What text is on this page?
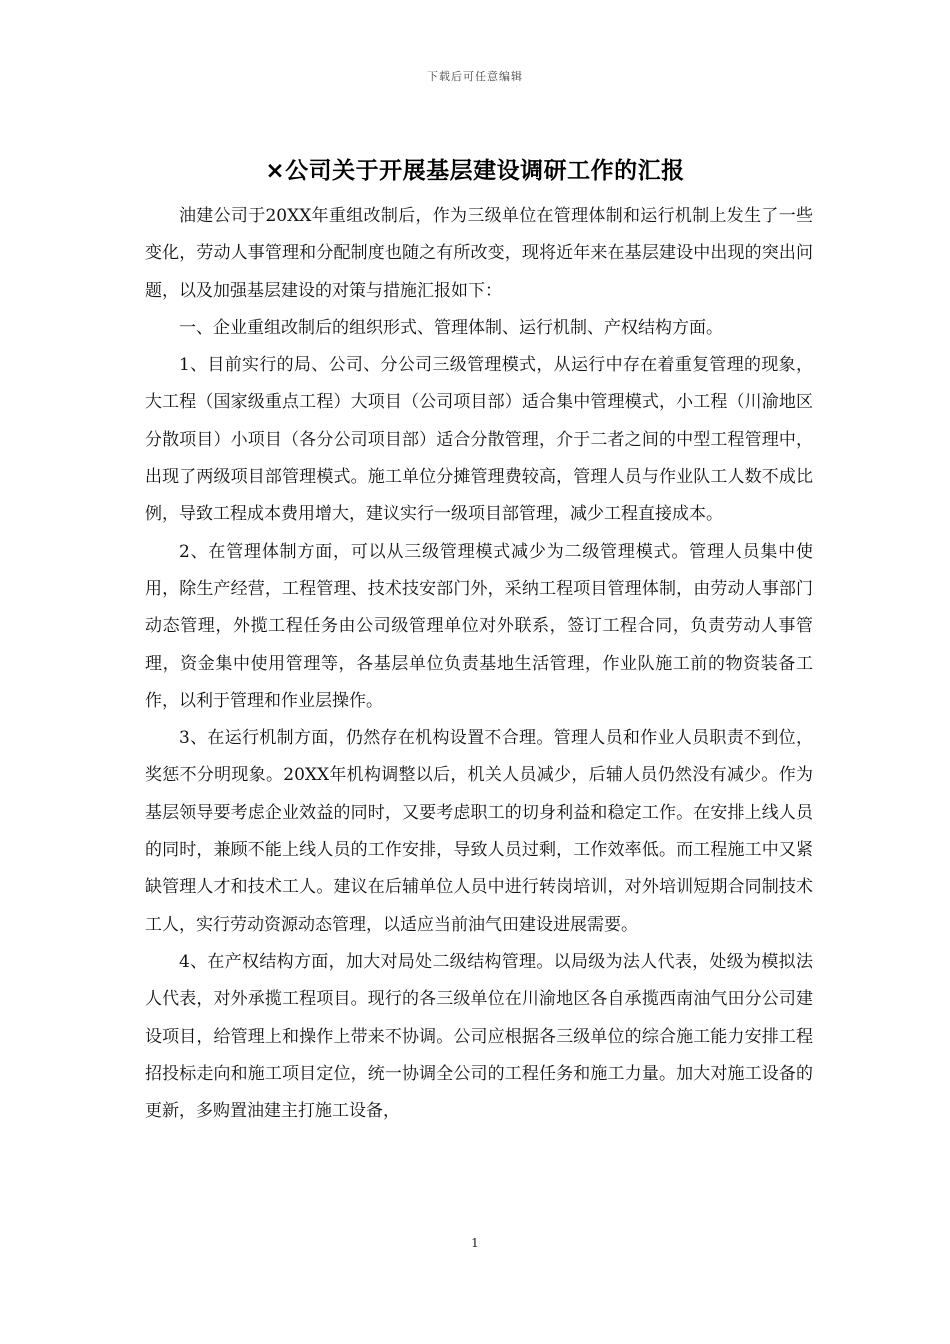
下载后可任意编辑
×公司关于开展基层建设调研工作的汇报

油建公司于20XX年重组改制后，作为三级单位在管理体制和运行机制上发生了一些变化，劳动人事管理和分配制度也随之有所改变，现将近年来在基层建设中出现的突出问题，以及加强基层建设的对策与措施汇报如下：

一、企业重组改制后的组织形式、管理体制、运行机制、产权结构方面。

1、目前实行的局、公司、分公司三级管理模式，从运行中存在着重复管理的现象，大工程（国家级重点工程）大项目（公司项目部）适合集中管理模式，小工程（川渝地区分散项目）小项目（各分公司项目部）适合分散管理，介于二者之间的中型工程管理中，出现了两级项目部管理模式。施工单位分摊管理费较高，管理人员与作业队工人数不成比例，导致工程成本费用增大，建议实行一级项目部管理，减少工程直接成本。

2、在管理体制方面，可以从三级管理模式减少为二级管理模式。管理人员集中使用，除生产经营，工程管理、技术技安部门外，采纳工程项目管理体制，由劳动人事部门动态管理，外揽工程任务由公司级管理单位对外联系，签订工程合同，负责劳动人事管理，资金集中使用管理等，各基层单位负责基地生活管理，作业队施工前的物资装备工作，以利于管理和作业层操作。

3、在运行机制方面，仍然存在机构设置不合理。管理人员和作业人员职责不到位，奖惩不分明现象。20XX年机构调整以后，机关人员减少，后辅人员仍然没有减少。作为基层领导要考虑企业效益的同时，又要考虑职工的切身利益和稳定工作。在安排上线人员的同时，兼顾不能上线人员的工作安排，导致人员过剩，工作效率低。而工程施工中又紧缺管理人才和技术工人。建议在后辅单位人员中进行转岗培训，对外培训短期合同制技术工人，实行劳动资源动态管理，以适应当前油气田建设进展需要。

4、在产权结构方面，加大对局处二级结构管理。以局级为法人代表，处级为模拟法人代表，对外承揽工程项目。现行的各三级单位在川渝地区各自承揽西南油气田分公司建设项目，给管理上和操作上带来不协调。公司应根据各三级单位的综合施工能力安排工程招投标走向和施工项目定位，统一协调全公司的工程任务和施工力量。加大对施工设备的更新，多购置油建主打施工设备，

1
